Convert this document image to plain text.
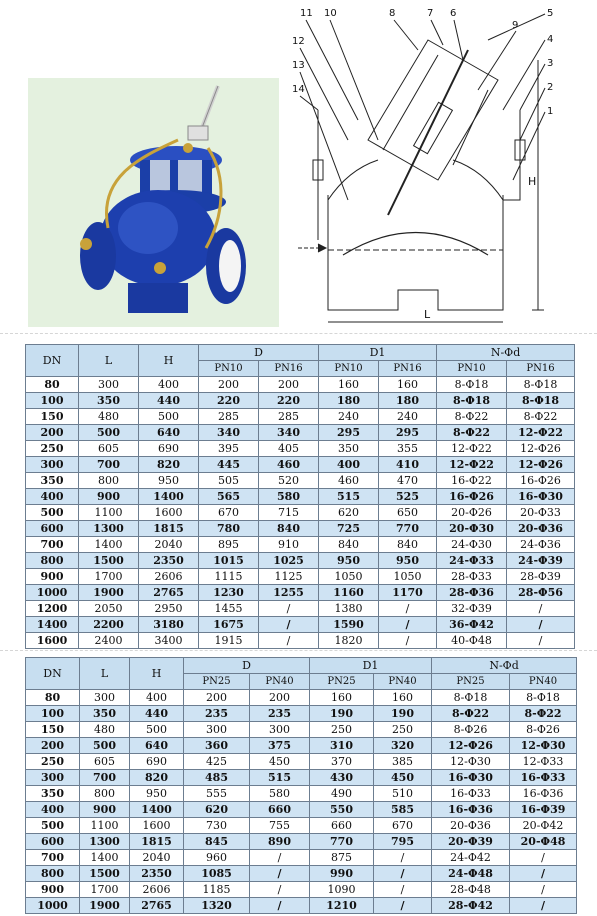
11 10	8	7 6
9
5
4
3
2
1
12
13
14
H
L
DN	L	H	D		D1		N-Φd	
			PN10	PN16	PN10	PN16	PN10	PN16
80	300	400	200	200	160	160	8-Φ18	8-Φ18
100	350	440	220	220	180	180	8-Φ18	8-Φ18
150	480	500	285	285	240	240	8-Φ22	8-Φ22
200	500	640	340	340	295	295	8-Φ22	12-Φ22
250	605	690	395	405	350	355	12-Φ22	12-Φ26
300	700	820	445	460	400	410	12-Φ22	12-Φ26
350	800	950	505	520	460	470	16-Φ22	16-Φ26
400	900	1400	565	580	515	525	16-Φ26	16-Φ30
500	1100	1600	670	715	620	650	20-Φ26	20-Φ33
600	1300	1815	780	840	725	770	20-Φ30	20-Φ36
700	1400	2040	895	910	840	840	24-Φ30	24-Φ36
800	1500	2350	1015	1025	950	950	24-Φ33	24-Φ39
900	1700	2606	1115	1125	1050	1050	28-Φ33	28-Φ39
1000	1900	2765	1230	1255	1160	1170	28-Φ36	28-Φ56
1200	2050	2950	1455	/	1380	/	32-Φ39	/
1400	2200	3180	1675	/	1590	/	36-Φ42	/
1600	2400	3400	1915	/	1820	/	40-Φ48	/
DN	L	H	D		D1		N-Φd	
			PN25	PN40	PN25	PN40	PN25	PN40
80	300	400	200	200	160	160	8-Φ18	8-Φ18
100	350	440	235	235	190	190	8-Φ22	8-Φ22
150	480	500	300	300	250	250	8-Φ26	8-Φ26
200	500	640	360	375	310	320	12-Φ26	12-Φ30
250	605	690	425	450	370	385	12-Φ30	12-Φ33
300	700	820	485	515	430	450	16-Φ30	16-Φ33
350	800	950	555	580	490	510	16-Φ33	16-Φ36
400	900	1400	620	660	550	585	16-Φ36	16-Φ39
500	1100	1600	730	755	660	670	20-Φ36	20-Φ42
600	1300	1815	845	890	770	795	20-Φ39	20-Φ48
700	1400	2040	960	/	875	/	24-Φ42	/
800	1500	2350	1085	/	990	/	24-Φ48	/
900	1700	2606	1185	/	1090	/	28-Φ48	/
1000	1900	2765	1320	/	1210	/	28-Φ42	/
